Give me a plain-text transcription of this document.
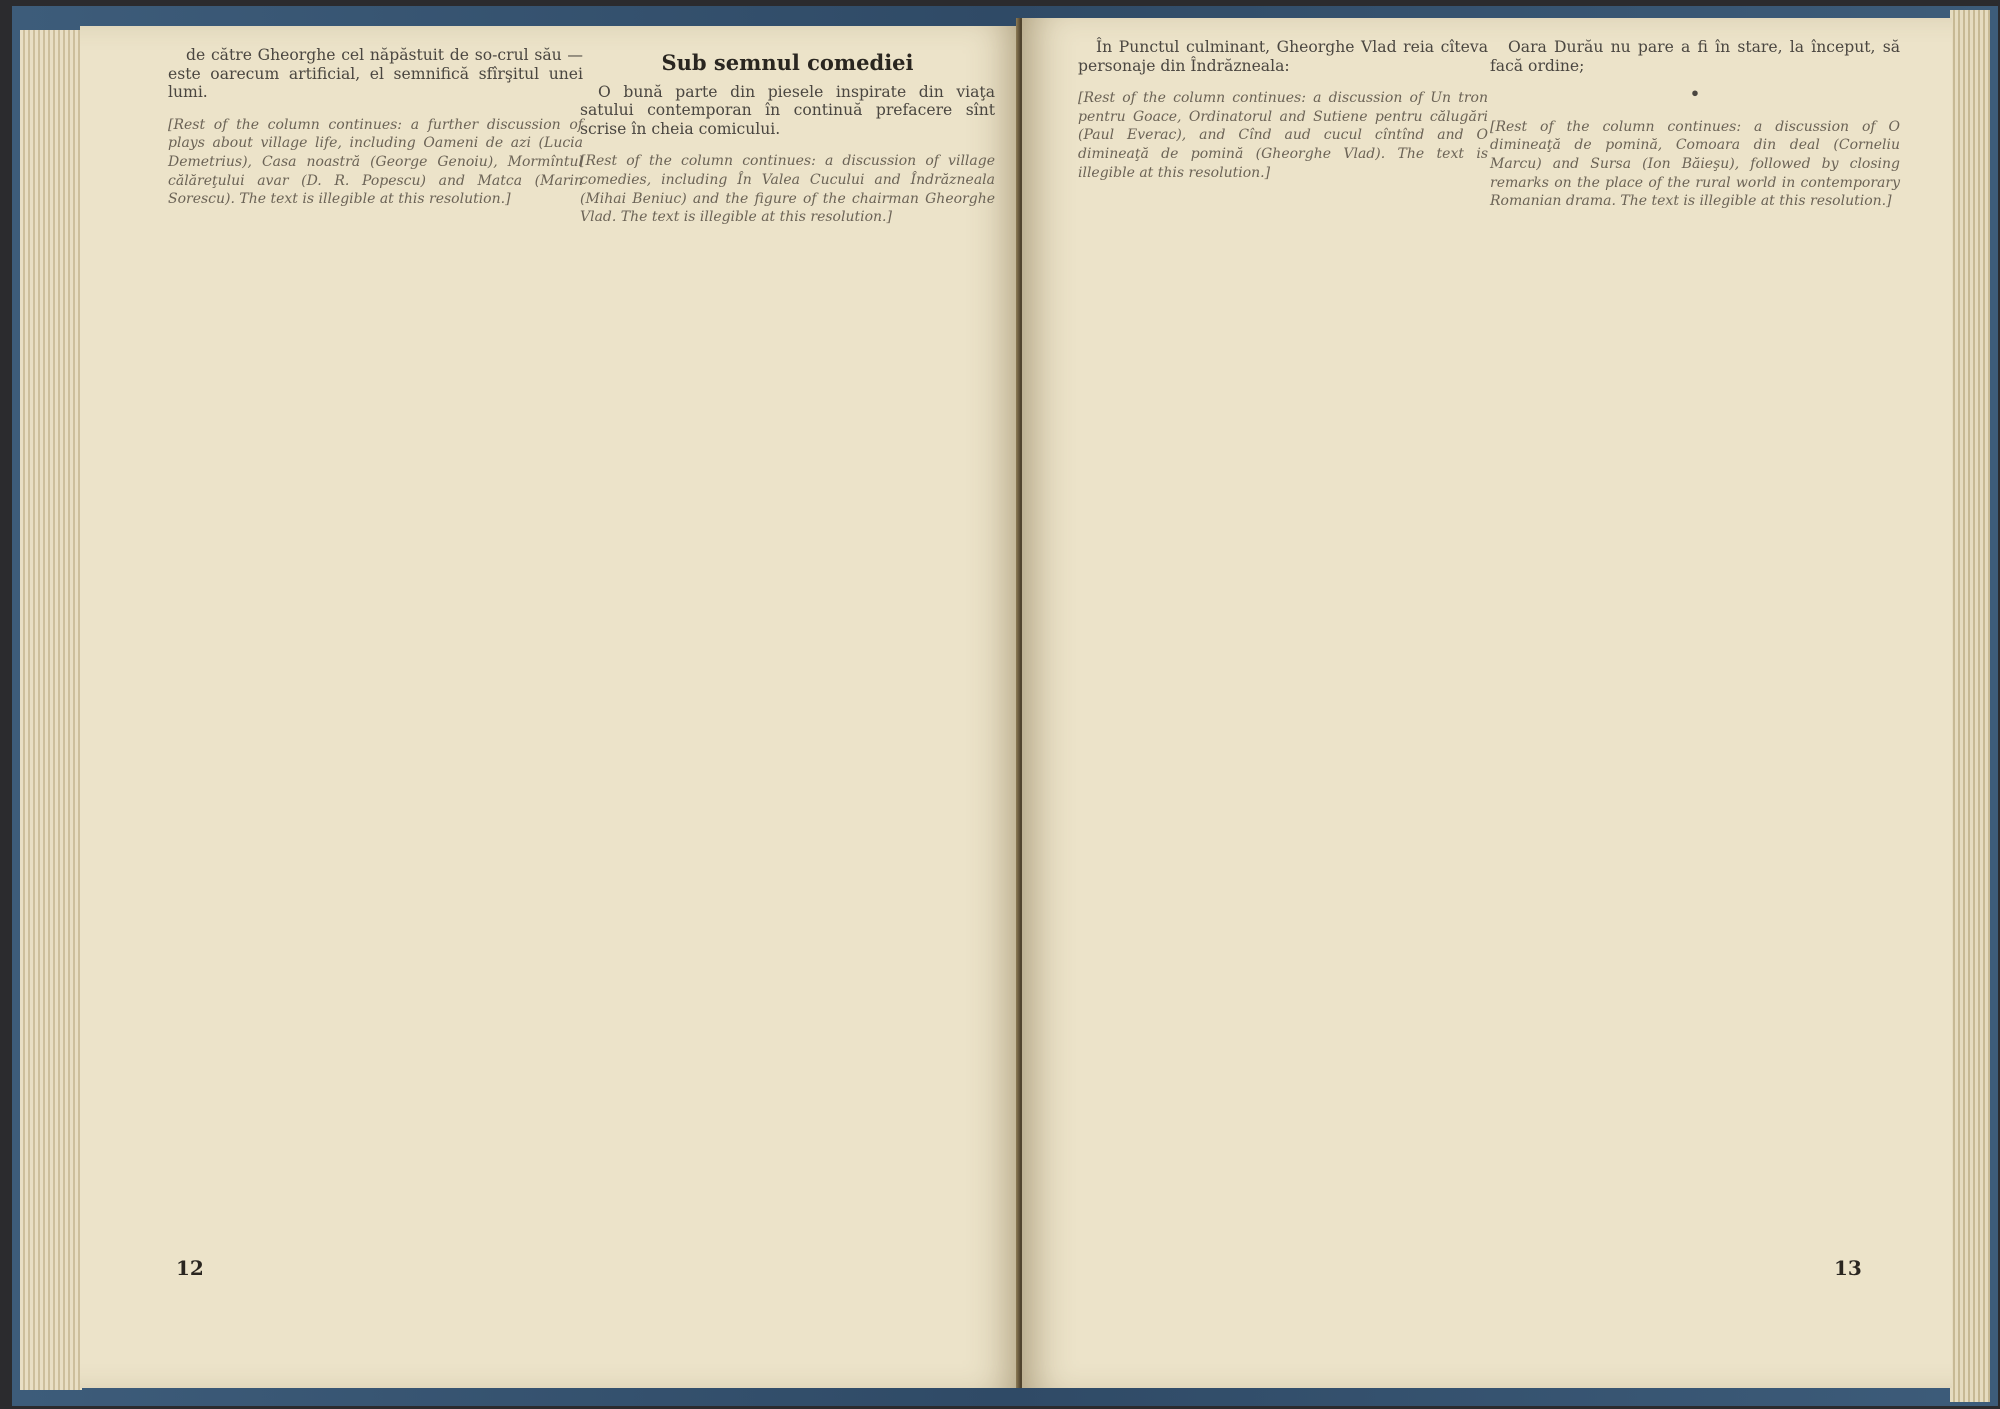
de către Gheorghe cel năpăstuit de so-crul său — este oarecum artificial, el semnifică sfîrşitul unei lumi.

[Rest of the column continues: a further discussion of plays about village life, including Oameni de azi (Lucia Demetrius), Casa noastră (George Genoiu), Mormîntul călăreţului avar (D. R. Popescu) and Matca (Marin Sorescu). The text is illegible at this resolution.]
Sub semnul comediei

O bună parte din piesele inspirate din viaţa satului contemporan în continuă prefacere sînt scrise în cheia comicului.

[Rest of the column continues: a discussion of village comedies, including În Valea Cucului and Îndrăzneala (Mihai Beniuc) and the figure of the chairman Gheorghe Vlad. The text is illegible at this resolution.]
12

În Punctul culminant, Gheorghe Vlad reia cîteva personaje din Îndrăzneala:

[Rest of the column continues: a discussion of Un tron pentru Goace, Ordinatorul and Sutiene pentru călugări (Paul Everac), and Cînd aud cucul cîntînd and O dimineaţă de pomină (Gheorghe Vlad). The text is illegible at this resolution.]

Oara Durău nu pare a fi în stare, la început, să facă ordine;

•
[Rest of the column continues: a discussion of O dimineaţă de pomină, Comoara din deal (Corneliu Marcu) and Sursa (Ion Băieşu), followed by closing remarks on the place of the rural world in contemporary Romanian drama. The text is illegible at this resolution.]
13
